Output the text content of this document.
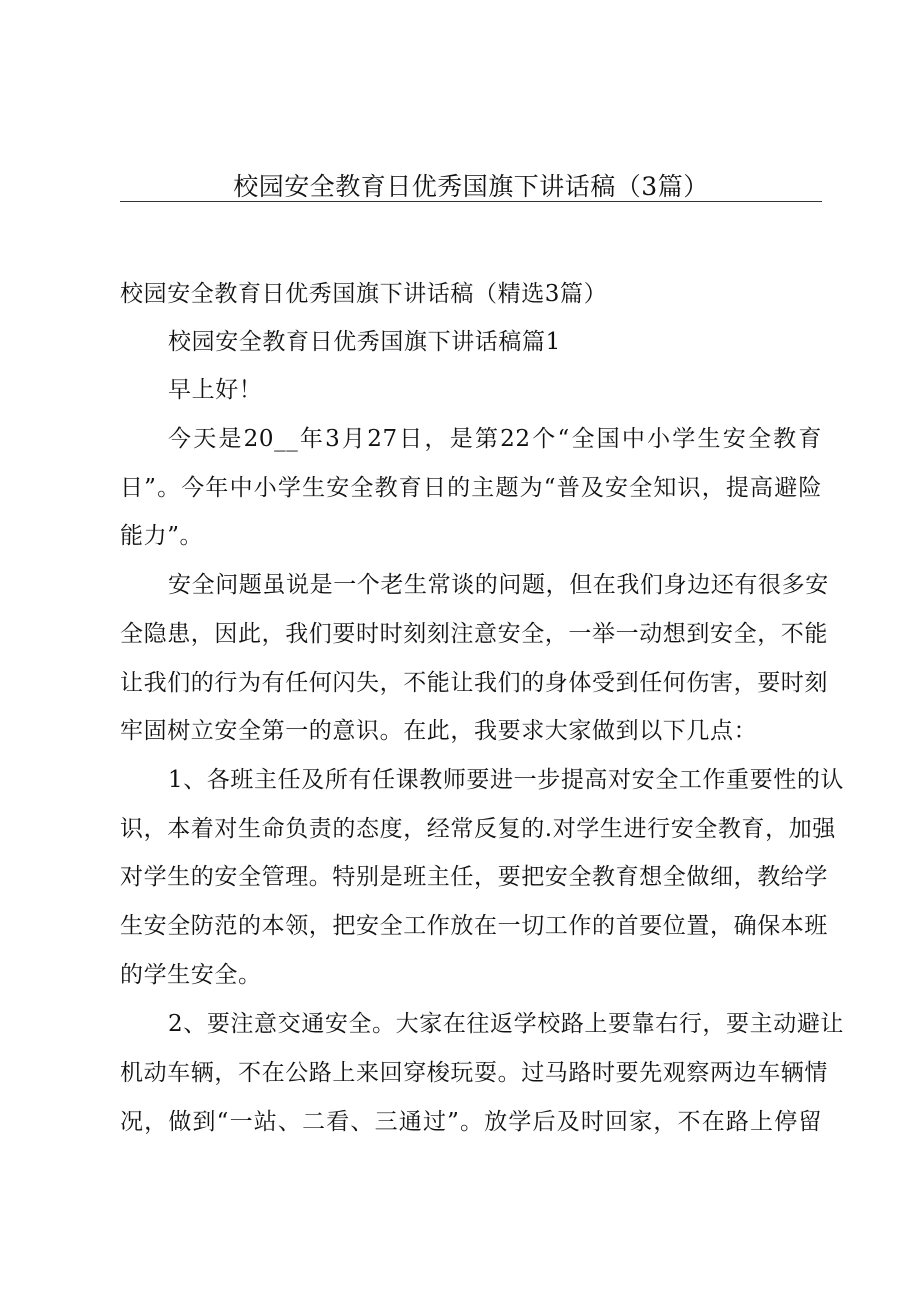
校园安全教育日优秀国旗下讲话稿（3篇）
校园安全教育日优秀国旗下讲话稿（精选3篇）
校园安全教育日优秀国旗下讲话稿篇1
早上好！
今天是20__年3月27日，是第22个“全国中小学生安全教育
日”。今年中小学生安全教育日的主题为“普及安全知识，提高避险
能力”。
安全问题虽说是一个老生常谈的问题，但在我们身边还有很多安
全隐患，因此，我们要时时刻刻注意安全，一举一动想到安全，不能
让我们的行为有任何闪失，不能让我们的身体受到任何伤害，要时刻
牢固树立安全第一的意识。在此，我要求大家做到以下几点：
1、各班主任及所有任课教师要进一步提高对安全工作重要性的认
识，本着对生命负责的态度，经常反复的.对学生进行安全教育，加强
对学生的安全管理。特别是班主任，要把安全教育想全做细，教给学
生安全防范的本领，把安全工作放在一切工作的首要位置，确保本班
的学生安全。
2、要注意交通安全。大家在往返学校路上要靠右行，要主动避让
机动车辆，不在公路上来回穿梭玩耍。过马路时要先观察两边车辆情
况，做到“一站、二看、三通过”。放学后及时回家，不在路上停留
